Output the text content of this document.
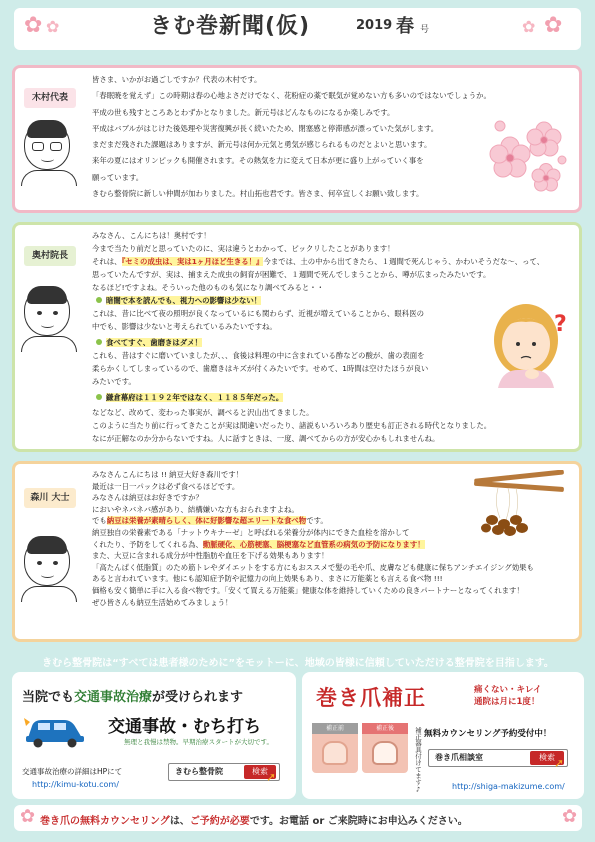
✿ ✿	✿
✿
きむ巻新聞(仮)	2019 春 号
木村代表
皆さま、いかがお過ごしですか？代表の木村です。
「春眠暁を覚えず」この時期は春の心地よさだけでなく、花粉症の薬で眠気が覚めない方も多いのではないでしょうか。
平成の世も残すところあとわずかとなりました。新元号はどんなものになるか楽しみです。
平成はバブルがはじけた後処理や災害復興が長く続いたため、閉塞感と停滞感が漂っていた気がします。
まだまだ残された課題はありますが、新元号は何か元気と勇気が感じられるものだとよいと思います。
来年の夏にはオリンピックも開催されます。その熱気を力に変えて日本が更に盛り上がっていく事を
願っています。
きむら整骨院に新しい仲間が加わりました。村山拓也君です。皆さま、何卒宜しくお願い致します。
奥村院長
みなさん、こんにちは！奥村です！
今まで当たり前だと思っていたのに、実は違うとわかって、ビックリしたことがあります！
それは、『セミの成虫は、実は1ヶ月ほど生きる！』今までは、土の中から出てきたら、１週間で死んじゃう、かわいそうだな～、って、
思っていたんですが、実は、捕まえた成虫の飼育が困難で、１週間で死んでしまうことから、噂が広まったみたいです。
なるほど!ですよね。そういった他のものも気になり調べてみると・・
暗闇で本を読んでも、視力への影響は少ない！
これは、昔に比べて夜の照明が良くなっているにも関わらず、近視が増えていることから、眼科医の
中でも、影響は少ないと考えられているみたいですね。
食べてすぐ、歯磨きはダメ！
これも、昔はすぐに磨いていましたが、、、食後は料理の中に含まれている酢などの酸が、歯の表面を
柔らかくしてしまっているので、歯磨きはキズが付くみたいです。せめて、1時間は空けたほうが良い
みたいです。
鎌倉幕府は１１９２年ではなく、１１８５年だった。
などなど、改めて、変わった事実が、調べると沢山出てきました。
このように当たり前に行ってきたことが実は間違いだったり、諸説もいろいろあり歴史も訂正される時代となりました。
なにが正解なのか分からないですね。人に話すときは、一度、調べてからの方が安心かもしれませんね。
?
森川 大士
みなさんこんにちは !! 納豆大好き森川です！
最近は一日一パックは必ず食べるほどです。
みなさんは納豆はお好きですか？
においやネバネバ感があり、結構嫌いな方もおられますよね。
でも納豆は栄養が素晴らしく、体に好影響な超エリートな食べ物です。
納豆独自の栄養素である「ナットウキナーゼ」と呼ばれる栄養分が体内にできた血栓を溶かして
くれたり、予防をしてくれる為、動脈硬化、心筋梗塞、脳梗塞など血管系の病気の予防になります！
また、大豆に含まれる成分が中性脂肪や血圧を下げる効果もあります！
「高たんぱく低脂質」のため筋トレやダイエットをする方にもおススメで髪の毛や爪、皮膚なども健康に保ちアンチエイジング効果も
あると言われています。他にも認知症予防や記憶力の向上効果もあり、まさに万能薬とも言える食べ物 !!!
価格も安く簡単に手に入る食べ物です。「安くて買える万能薬」健康な体を維持していくための良きパートナーとなってくれます！
ぜひ皆さんも納豆生活始めてみましょう！
きむら整骨院は“すべては患者様のために”をモットーに、地域の皆様に信頼していただける整骨院を目指します。
当院でも交通事故治療が受けられます
交通事故・むち打ち
無理と我慢は禁物。早期治療スタートが大切です。
交通事故治療の詳細はHPにて
http://kimu-kotu.com/
きむら整骨院	検索
➚
巻き爪補正	痛くない・キレイ
通院は月に1度！
補正前	補正後	補正器具付けてます♪ 無料カウンセリング予約受付中！
巻き爪相談室	検索 ➚
http://shiga-makizume.com/
✿	✿
巻き爪の無料カウンセリングは、ご予約が必要です。お電話 or ご来院時にお申込みください。
